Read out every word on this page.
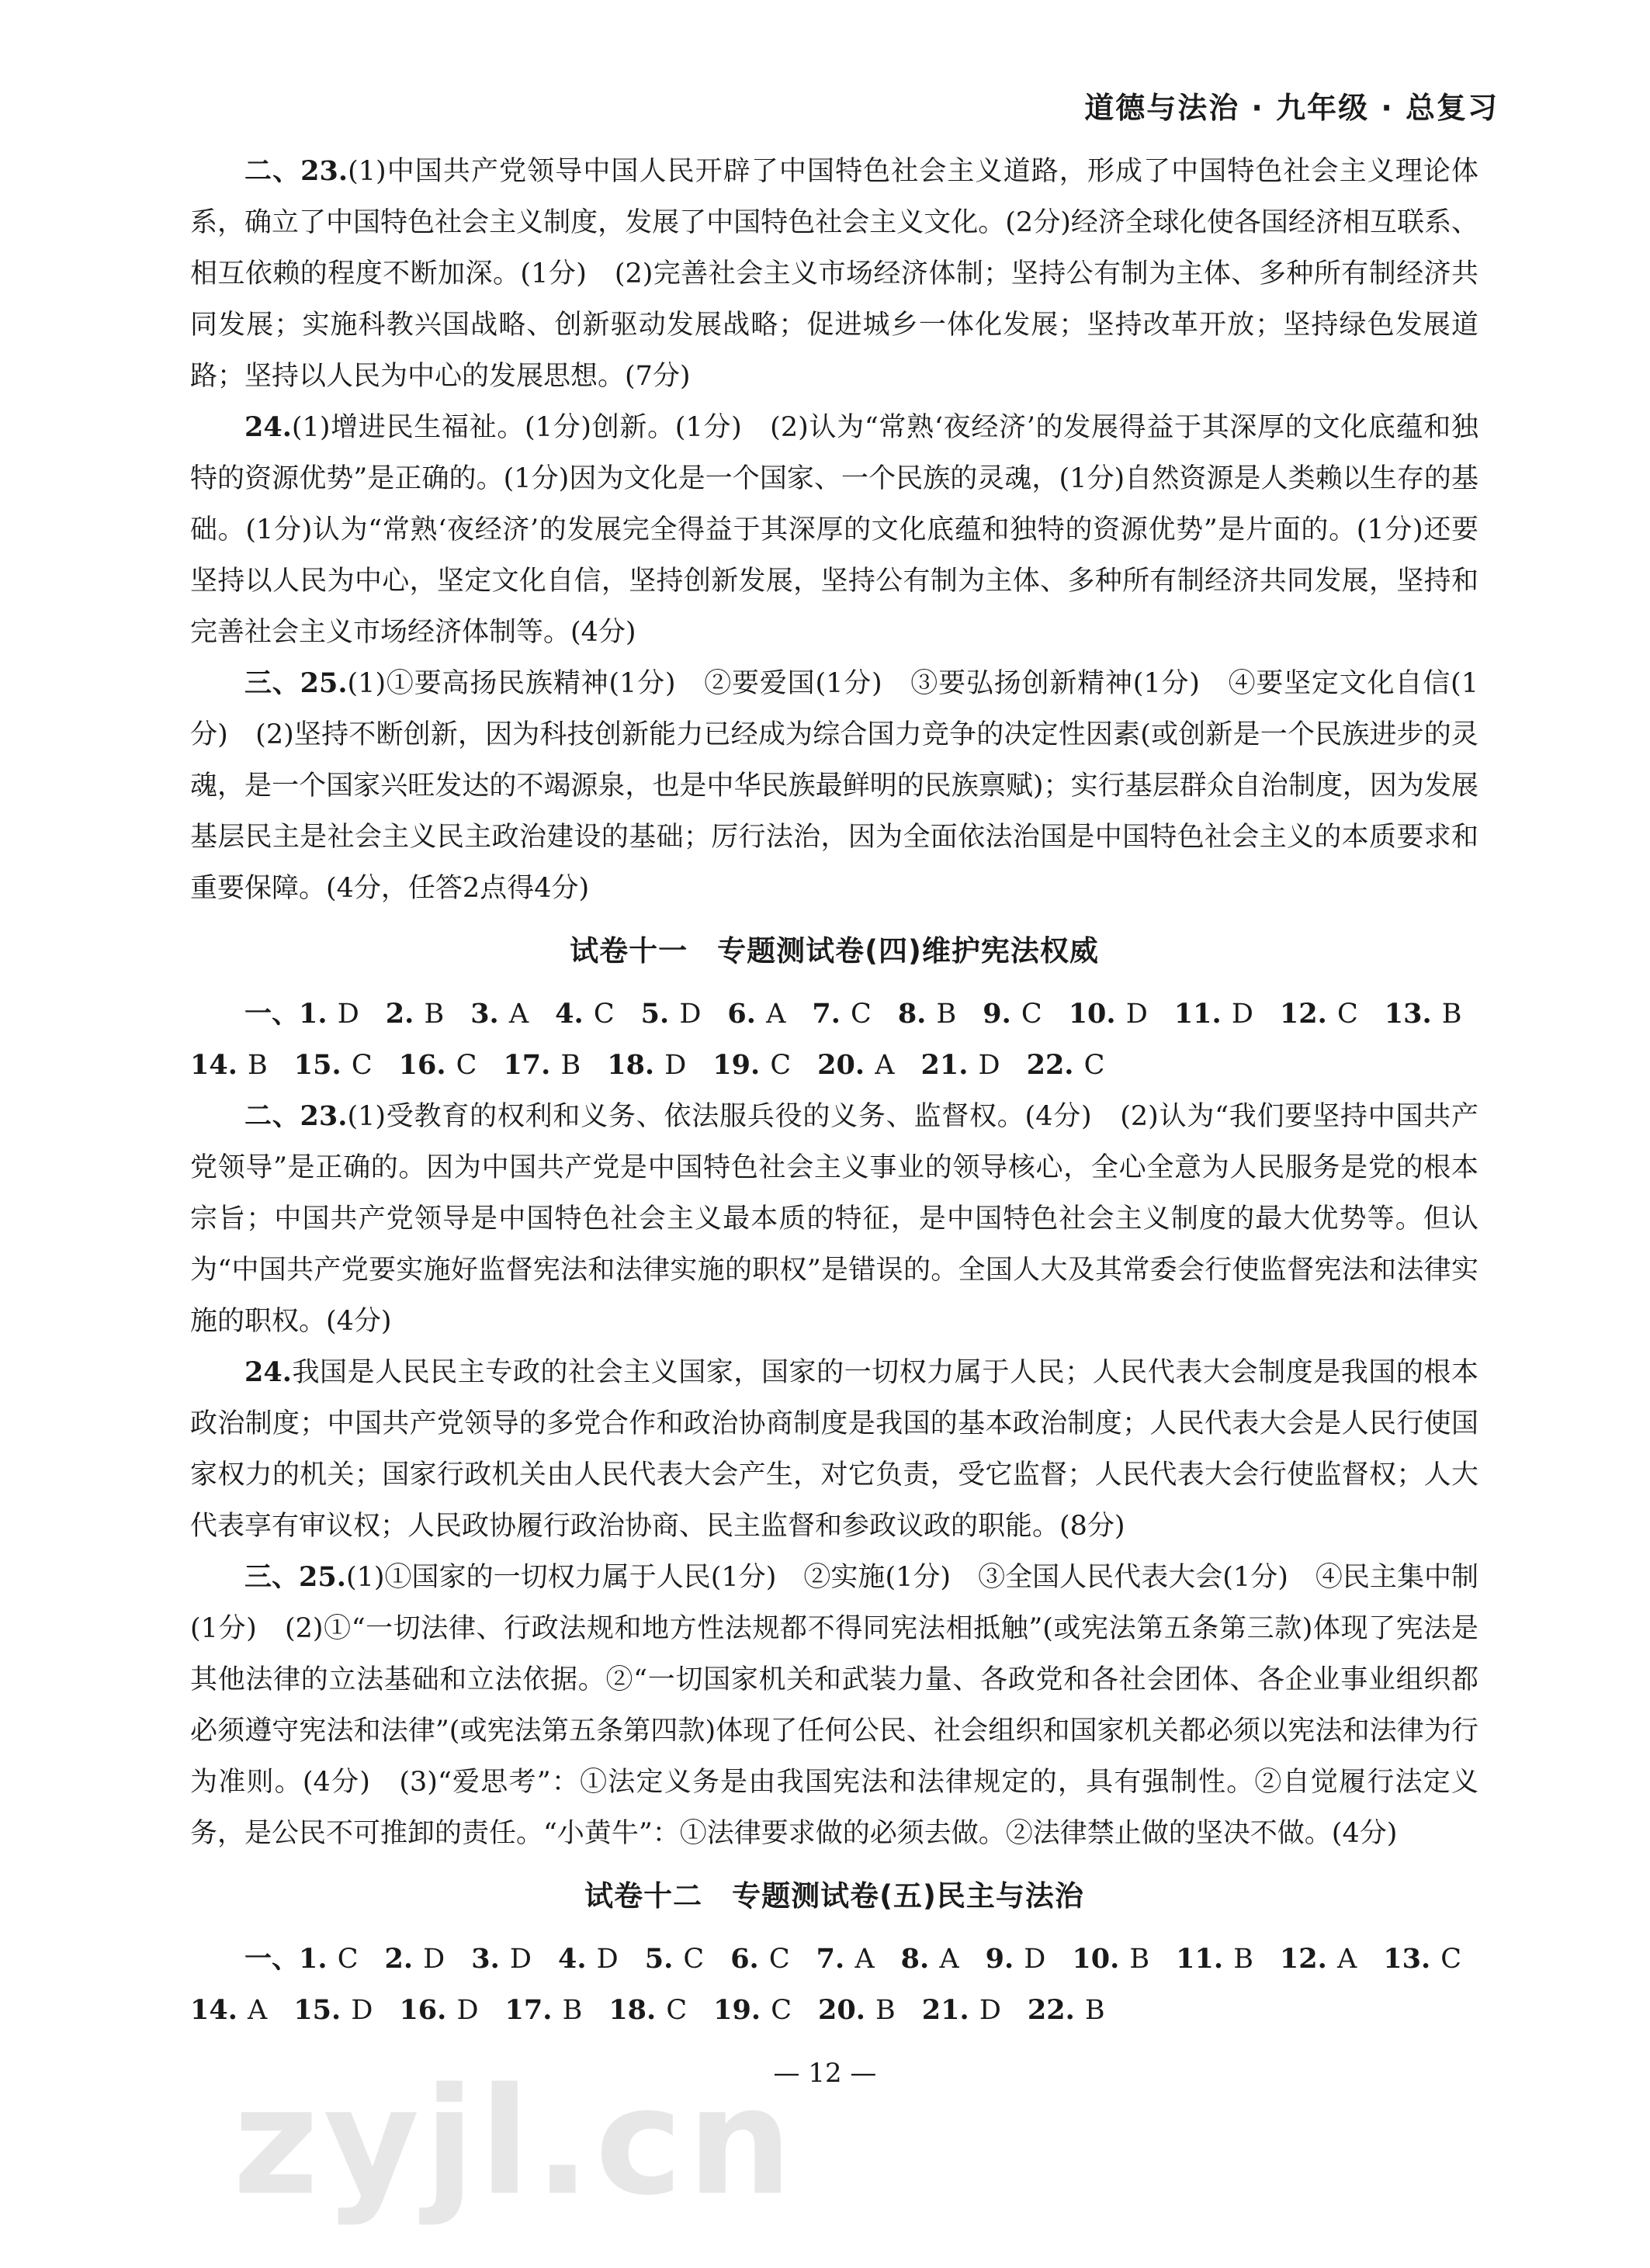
道德与法治 · 九年级 · 总复习

二、23.(1)中国共产党领导中国人民开辟了中国特色社会主义道路，形成了中国特色社会主义理论体系，确立了中国特色社会主义制度，发展了中国特色社会主义文化。(2分)经济全球化使各国经济相互联系、相互依赖的程度不断加深。(1分)　(2)完善社会主义市场经济体制；坚持公有制为主体、多种所有制经济共同发展；实施科教兴国战略、创新驱动发展战略；促进城乡一体化发展；坚持改革开放；坚持绿色发展道路；坚持以人民为中心的发展思想。(7分)

24.(1)增进民生福祉。(1分)创新。(1分)　(2)认为“常熟‘夜经济’的发展得益于其深厚的文化底蕴和独特的资源优势”是正确的。(1分)因为文化是一个国家、一个民族的灵魂，(1分)自然资源是人类赖以生存的基础。(1分)认为“常熟‘夜经济’的发展完全得益于其深厚的文化底蕴和独特的资源优势”是片面的。(1分)还要坚持以人民为中心，坚定文化自信，坚持创新发展，坚持公有制为主体、多种所有制经济共同发展，坚持和完善社会主义市场经济体制等。(4分)

三、25.(1)①要高扬民族精神(1分)　②要爱国(1分)　③要弘扬创新精神(1分)　④要坚定文化自信(1分)　(2)坚持不断创新，因为科技创新能力已经成为综合国力竞争的决定性因素(或创新是一个民族进步的灵魂，是一个国家兴旺发达的不竭源泉，也是中华民族最鲜明的民族禀赋)；实行基层群众自治制度，因为发展基层民主是社会主义民主政治建设的基础；厉行法治，因为全面依法治国是中国特色社会主义的本质要求和重要保障。(4分，任答2点得4分)

试卷十一　专题测试卷(四)维护宪法权威
一、 1. D 2. B 3. A 4. C 5. D 6. A 7. C 8. B 9. C 10. D 11. D 12. C 13. B
14. B 15. C 16. C 17. B 18. D 19. C 20. A 21. D 22. C

二、23.(1)受教育的权利和义务、依法服兵役的义务、监督权。(4分)　(2)认为“我们要坚持中国共产党领导”是正确的。因为中国共产党是中国特色社会主义事业的领导核心，全心全意为人民服务是党的根本宗旨；中国共产党领导是中国特色社会主义最本质的特征，是中国特色社会主义制度的最大优势等。但认为“中国共产党要实施好监督宪法和法律实施的职权”是错误的。全国人大及其常委会行使监督宪法和法律实施的职权。(4分)

24.我国是人民民主专政的社会主义国家，国家的一切权力属于人民；人民代表大会制度是我国的根本政治制度；中国共产党领导的多党合作和政治协商制度是我国的基本政治制度；人民代表大会是人民行使国家权力的机关；国家行政机关由人民代表大会产生，对它负责，受它监督；人民代表大会行使监督权；人大代表享有审议权；人民政协履行政治协商、民主监督和参政议政的职能。(8分)

三、25.(1)①国家的一切权力属于人民(1分)　②实施(1分)　③全国人民代表大会(1分)　④民主集中制(1分)　(2)①“一切法律、行政法规和地方性法规都不得同宪法相抵触”(或宪法第五条第三款)体现了宪法是其他法律的立法基础和立法依据。②“一切国家机关和武装力量、各政党和各社会团体、各企业事业组织都必须遵守宪法和法律”(或宪法第五条第四款)体现了任何公民、社会组织和国家机关都必须以宪法和法律为行为准则。(4分)　(3)“爱思考”：①法定义务是由我国宪法和法律规定的，具有强制性。②自觉履行法定义务，是公民不可推卸的责任。“小黄牛”：①法律要求做的必须去做。②法律禁止做的坚决不做。(4分)

试卷十二　专题测试卷(五)民主与法治
一、 1. C 2. D 3. D 4. D 5. C 6. C 7. A 8. A 9. D 10. B 11. B 12. A 13. C
14. A 15. D 16. D 17. B 18. C 19. C 20. B 21. D 22. B
— 12 —
zyjl.cn
